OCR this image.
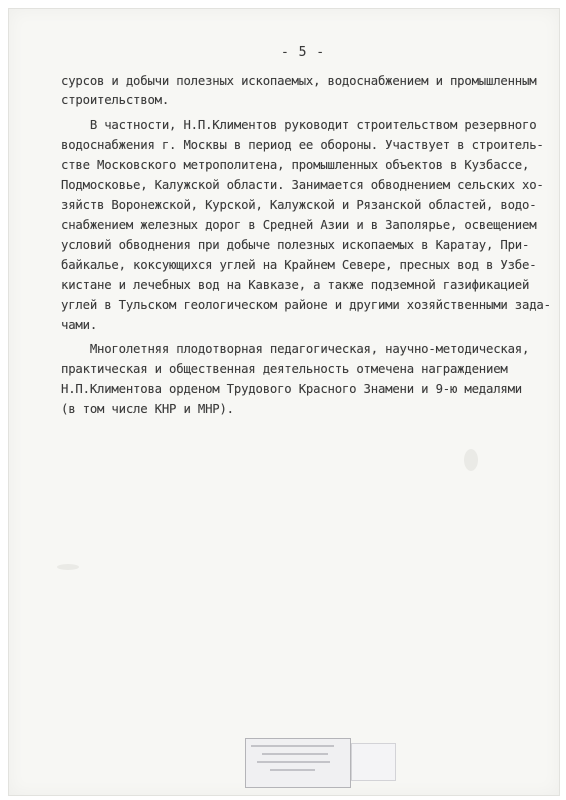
- 5 -
сурсов и добычи полезных ископаемых, водоснабжением и промышленным
строительством.
В частности, Н.П.Климентов руководит строительством резервного
водоснабжения г. Москвы в период ее обороны. Участвует в строитель-
стве Московского метрополитена, промышленных объектов в Кузбассе,
Подмосковье, Калужской области. Занимается обводнением сельских хо-
зяйств Воронежской, Курской, Калужской и Рязанской областей, водо-
снабжением железных дорог в Средней Азии и в Заполярье, освещением
условий обводнения при добыче полезных ископаемых в Каратау, При-
байкалье, коксующихся углей на Крайнем Севере, пресных вод в Узбе-
кистане и лечебных вод на Кавказе, а также подземной газификацией
углей в Тульском геологическом районе и другими хозяйственными зада-
чами.
Многолетняя плодотворная педагогическая, научно-методическая,
практическая и общественная деятельность отмечена награждением
Н.П.Климентова орденом Трудового Красного Знамени и 9-ю медалями
(в том числе КНР и МНР).
